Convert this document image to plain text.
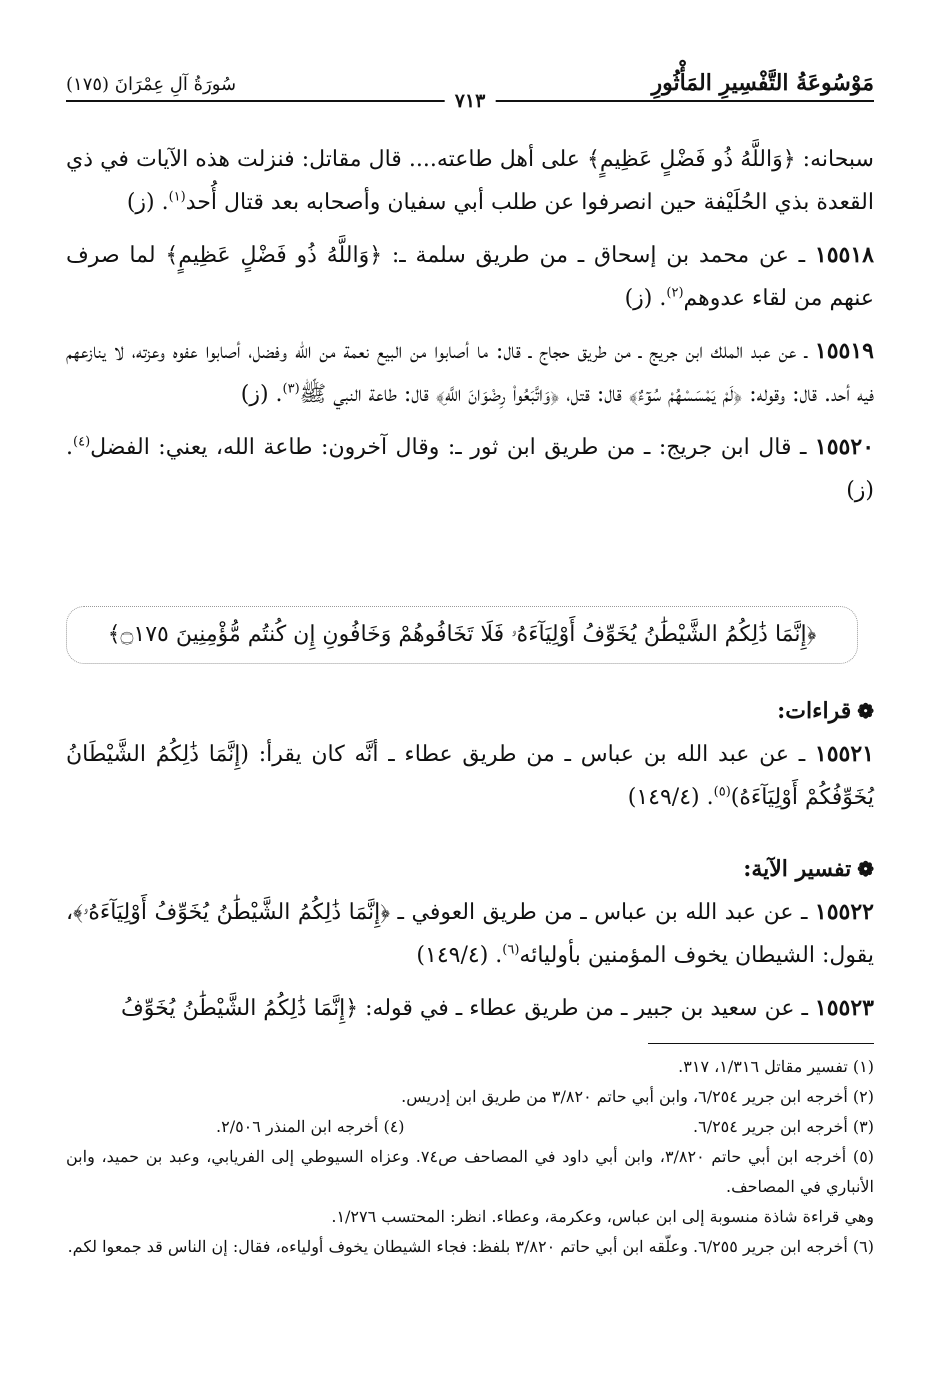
مَوْسُوعَةُ التَّفْسِيرِ المَأْثُورِ
٧١٣
سُورَةُ آلِ عِمْرَانَ (١٧٥)

سبحانه: ﴿وَاللَّهُ ذُو فَضْلٍ عَظِيمٍ﴾ على أهل طاعته.... قال مقاتل: فنزلت هذه الآيات في ذي القعدة بذي الحُلَيْفة حين انصرفوا عن طلب أبي سفيان وأصحابه بعد قتال أُحد$^{(١)}$. (ز)

١٥٥١٨ ـ عن محمد بن إسحاق ـ من طريق سلمة ـ: ﴿وَاللَّهُ ذُو فَضْلٍ عَظِيمٍ﴾ لما صرف عنهم من لقاء عدوهم$^{(٢)}$. (ز)

١٥٥١٩ ـ عن عبد الملك ابن جريج ـ من طريق حجاج ـ قال: ما أصابوا من البيع نعمة من الله وفضل، أصابوا عفوه وعزته، لا ينازعهم فيه أحد. قال: وقوله: ﴿لَمْ يَمْسَسْهُمْ سُوٓءٌ﴾ قال: قتل، ﴿وَاتَّبَعُواْ رِضْوَانَ اللَّهِ﴾ قال: طاعة النبي ﷺ$^{(٣)}$. (ز)

١٥٥٢٠ ـ قال ابن جريج: ـ من طريق ابن ثور ـ: وقال آخرون: طاعة الله، يعني: الفضل$^{(٤)}$. (ز)

﴿إِنَّمَا ذَٰلِكُمُ الشَّيْطَٰنُ يُخَوِّفُ أَوْلِيَآءَهُۥ فَلَا تَخَافُوهُمْ وَخَافُونِ إِن كُنتُم مُّؤْمِنِينَ ۝١٧٥﴾

❁قراءات:

١٥٥٢١ ـ عن عبد الله بن عباس ـ من طريق عطاء ـ أنَّه كان يقرأ: (إِنَّمَا ذَٰلِكُمُ الشَّيْطَانُ يُخَوِّفُكُمْ أَوْلِيَآءَهُ)$^{(٥)}$. (١٤٩/٤)

❁تفسير الآية:

١٥٥٢٢ ـ عن عبد الله بن عباس ـ من طريق العوفي ـ ﴿إِنَّمَا ذَٰلِكُمُ الشَّيْطَٰنُ يُخَوِّفُ أَوْلِيَآءَهُۥ﴾، يقول: الشيطان يخوف المؤمنين بأوليائه$^{(٦)}$. (١٤٩/٤)

١٥٥٢٣ ـ عن سعيد بن جبير ـ من طريق عطاء ـ في قوله: ﴿إِنَّمَا ذَٰلِكُمُ الشَّيْطَٰنُ يُخَوِّفُ

(١) تفسير مقاتل ١/٣١٦، ٣١٧.

(٢) أخرجه ابن جرير ٦/٢٥٤، وابن أبي حاتم ٣/٨٢٠ من طريق ابن إدريس.

(٣) أخرجه ابن جرير ٦/٢٥٤.
(٤) أخرجه ابن المنذر ٢/٥٠٦.

(٥) أخرجه ابن أبي حاتم ٣/٨٢٠، وابن أبي داود في المصاحف ص٧٤. وعزاه السيوطي إلى الفريابي، وعبد بن حميد، وابن الأنباري في المصاحف.

وهي قراءة شاذة منسوبة إلى ابن عباس، وعكرمة، وعطاء. انظر: المحتسب ١/٢٧٦.

(٦) أخرجه ابن جرير ٦/٢٥٥. وعلّقه ابن أبي حاتم ٣/٨٢٠ بلفظ: فجاء الشيطان يخوف أولياءه، فقال: إن الناس قد جمعوا لكم.
